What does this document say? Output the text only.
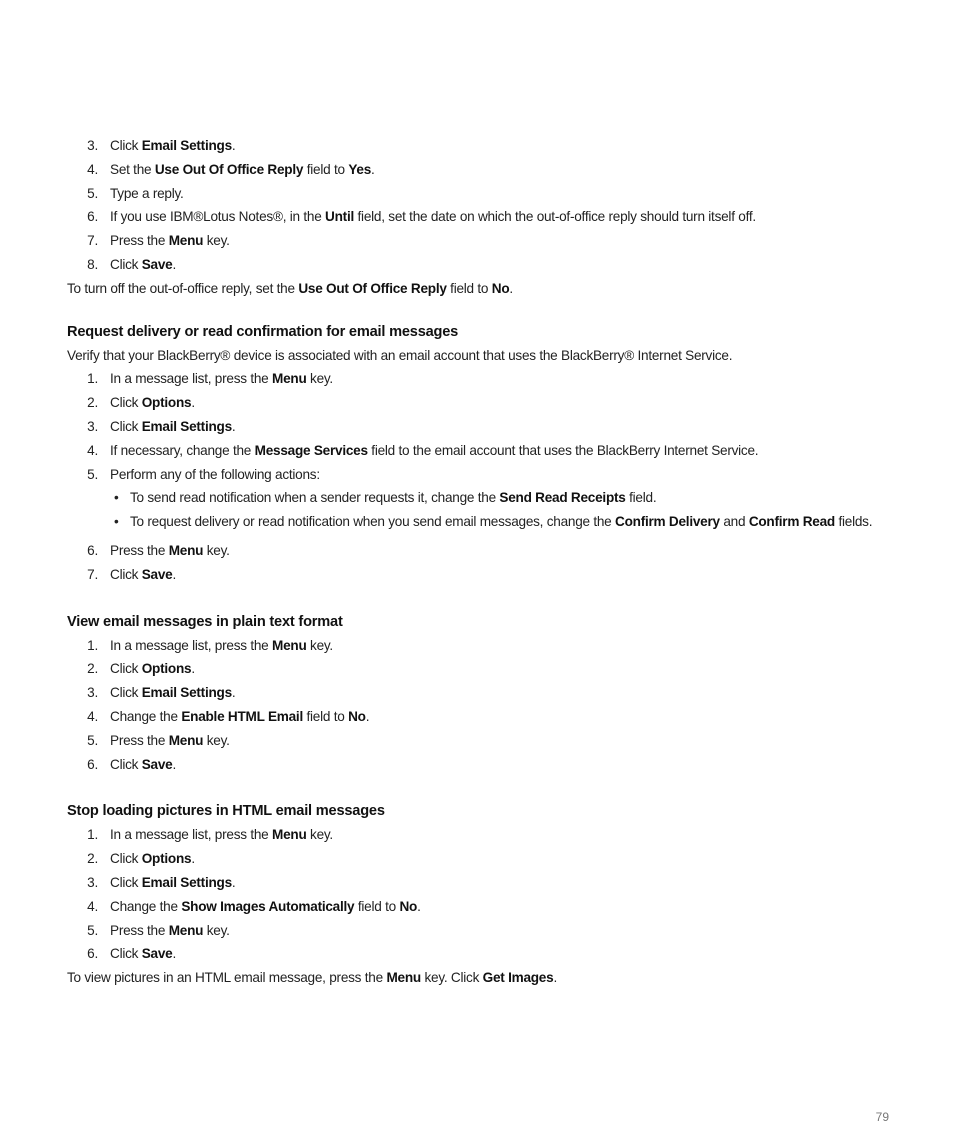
3. Click Email Settings.
4. Set the Use Out Of Office Reply field to Yes.
5. Type a reply.
6. If you use IBM®Lotus Notes®, in the Until field, set the date on which the out-of-office reply should turn itself off.
7. Press the Menu key.
8. Click Save.
To turn off the out-of-office reply, set the Use Out Of Office Reply field to No.
Request delivery or read confirmation for email messages
Verify that your BlackBerry® device is associated with an email account that uses the BlackBerry® Internet Service.
1. In a message list, press the Menu key.
2. Click Options.
3. Click Email Settings.
4. If necessary, change the Message Services field to the email account that uses the BlackBerry Internet Service.
5. Perform any of the following actions:
• To send read notification when a sender requests it, change the Send Read Receipts field.
• To request delivery or read notification when you send email messages, change the Confirm Delivery and Confirm Read fields.
6. Press the Menu key.
7. Click Save.
View email messages in plain text format
1. In a message list, press the Menu key.
2. Click Options.
3. Click Email Settings.
4. Change the Enable HTML Email field to No.
5. Press the Menu key.
6. Click Save.
Stop loading pictures in HTML email messages
1. In a message list, press the Menu key.
2. Click Options.
3. Click Email Settings.
4. Change the Show Images Automatically field to No.
5. Press the Menu key.
6. Click Save.
To view pictures in an HTML email message, press the Menu key. Click Get Images.
79
